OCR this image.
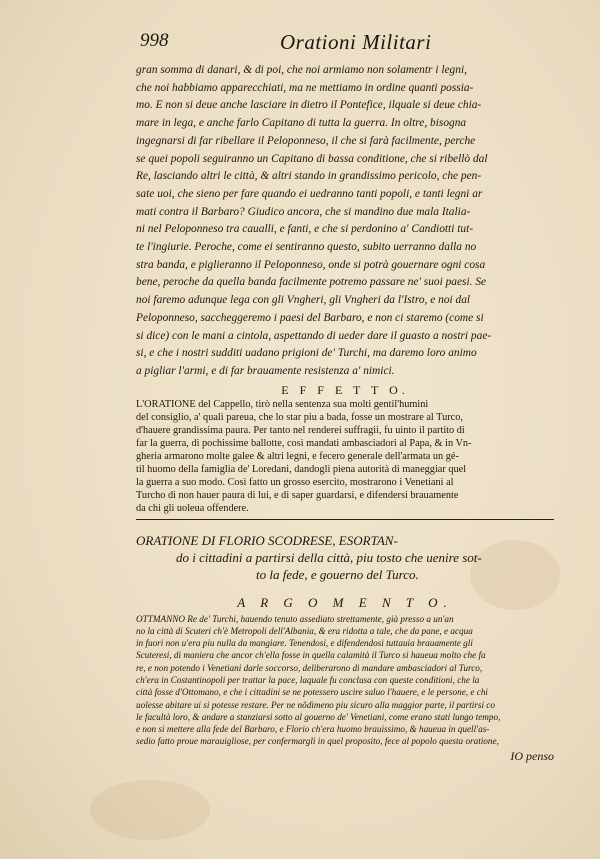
998	Orationi Militari
gran somma di danari, & di poi, che noi armiamo non solamentr i legni,
che noi habbiamo apparecchiati, ma ne mettiamo in ordine quanti possia-
mo. E non si deue anche lasciare in dietro il Pontefice, ilquale si deue chia-
mare in lega, e anche farlo Capitano di tutta la guerra. In oltre, bisogna
ingegnarsi di far ribellare il Peloponneso, il che si farà facilmente, perche
se quei popoli seguiranno un Capitano di bassa conditione, che si ribellò dal
Re, lasciando altri le città, & altri stando in grandissimo pericolo, che pen-
sate uoi, che sieno per fare quando ei uedranno tanti popoli, e tanti legni ar
mati contra il Barbaro? Giudico ancora, che si mandino due mala Italia-
ni nel Peloponneso tra caualli, e fanti, e che si perdonino a' Candiotti tut-
te l'ingiurie. Peroche, come ei sentiranno questo, subito uerranno dalla no
stra banda, e piglieranno il Peloponneso, onde si potrà gouernare ogni cosa
bene, peroche da quella banda facilmente potremo passare ne' suoi paesi. Se
noi faremo adunque lega con gli Vngheri, gli Vngheri da l'Istro, e noi dal
Peloponneso, saccheggeremo i paesi del Barbaro, e non ci staremo (come si
si dice) con le mani a cintola, aspettando di ueder dare il guasto a nostri pae-
si, e che i nostri sudditi uadano prigioni de' Turchi, ma daremo loro animo
a pigliar l'armi, e di far brauamente resistenza a' nimici.
E F F E T T O.
L'ORATIONE del Cappello, tirò nella sentenza sua molti gentil'humini
del consiglio, a' quali pareua, che lo star piu a bada, fosse un mostrare al Turco,
d'hauere grandissima paura. Per tanto nel renderei suffragii, fu uinto il partito di
far la guerra, di pochissime ballotte, così mandati ambasciadori al Papa, & in Vn-
gheria armarono molte galee & altri legni, e fecero generale dell'armata un gé-
til huomo della famiglia de' Loredani, dandogli piena autorità di maneggiar quel
la guerra a suo modo. Così fatto un grosso esercito, mostrarono i Venetiani al
Turcho di non hauer paura di lui, e di saper guardarsi, e difendersi brauamente
da chi gli uoleua offendere.
ORATIONE DI FLORIO SCODRESE, ESORTAN-
do i cittadini a partirsi della città, piu tosto che uenire sot-
to la fede, e gouerno del Turco.
A R G O M E N T O.
OTTMANNO Re de' Turchi, hauendo tenuto assediato strettamente, già presso a un'an
no la città di Scuteri ch'è Metropoli dell'Albania, & era ridotta a tale, che da pane, e acqua
in fuori non u'era piu nulla da mangiare. Tenendosi, e difendendosi tuttauia brauamente gli
Scuteresi, di maniera che ancor ch'ella fosse in quella calamità il Turco si haueua molto che fa
re, e non potendo i Venetiani darle soccorso, deliberarono di mandare ambasciadori al Turco,
ch'era in Costantinopoli per trattar la pace, laquale fu conclusa con queste conditioni, che la
città fosse d'Ottomano, e che i cittadini se ne potessero uscire saluo l'hauere, e le persone, e chi
uolesse abitare ui si potesse restare. Per ne nõdimeno piu sicuro alla maggior parte, il partirsi co
le facultà loro, & andare a stanziarsi sotto al gouerno de' Venetiani, come erano stati lungo tempo,
e non si mettere alla fede del Barbaro, e Florio ch'era huomo brauissimo, & haueua in quell'as-
sedio fatto proue marauigliose, per confermargli in quel proposito, fece al popolo questa oratione,
IO penso
